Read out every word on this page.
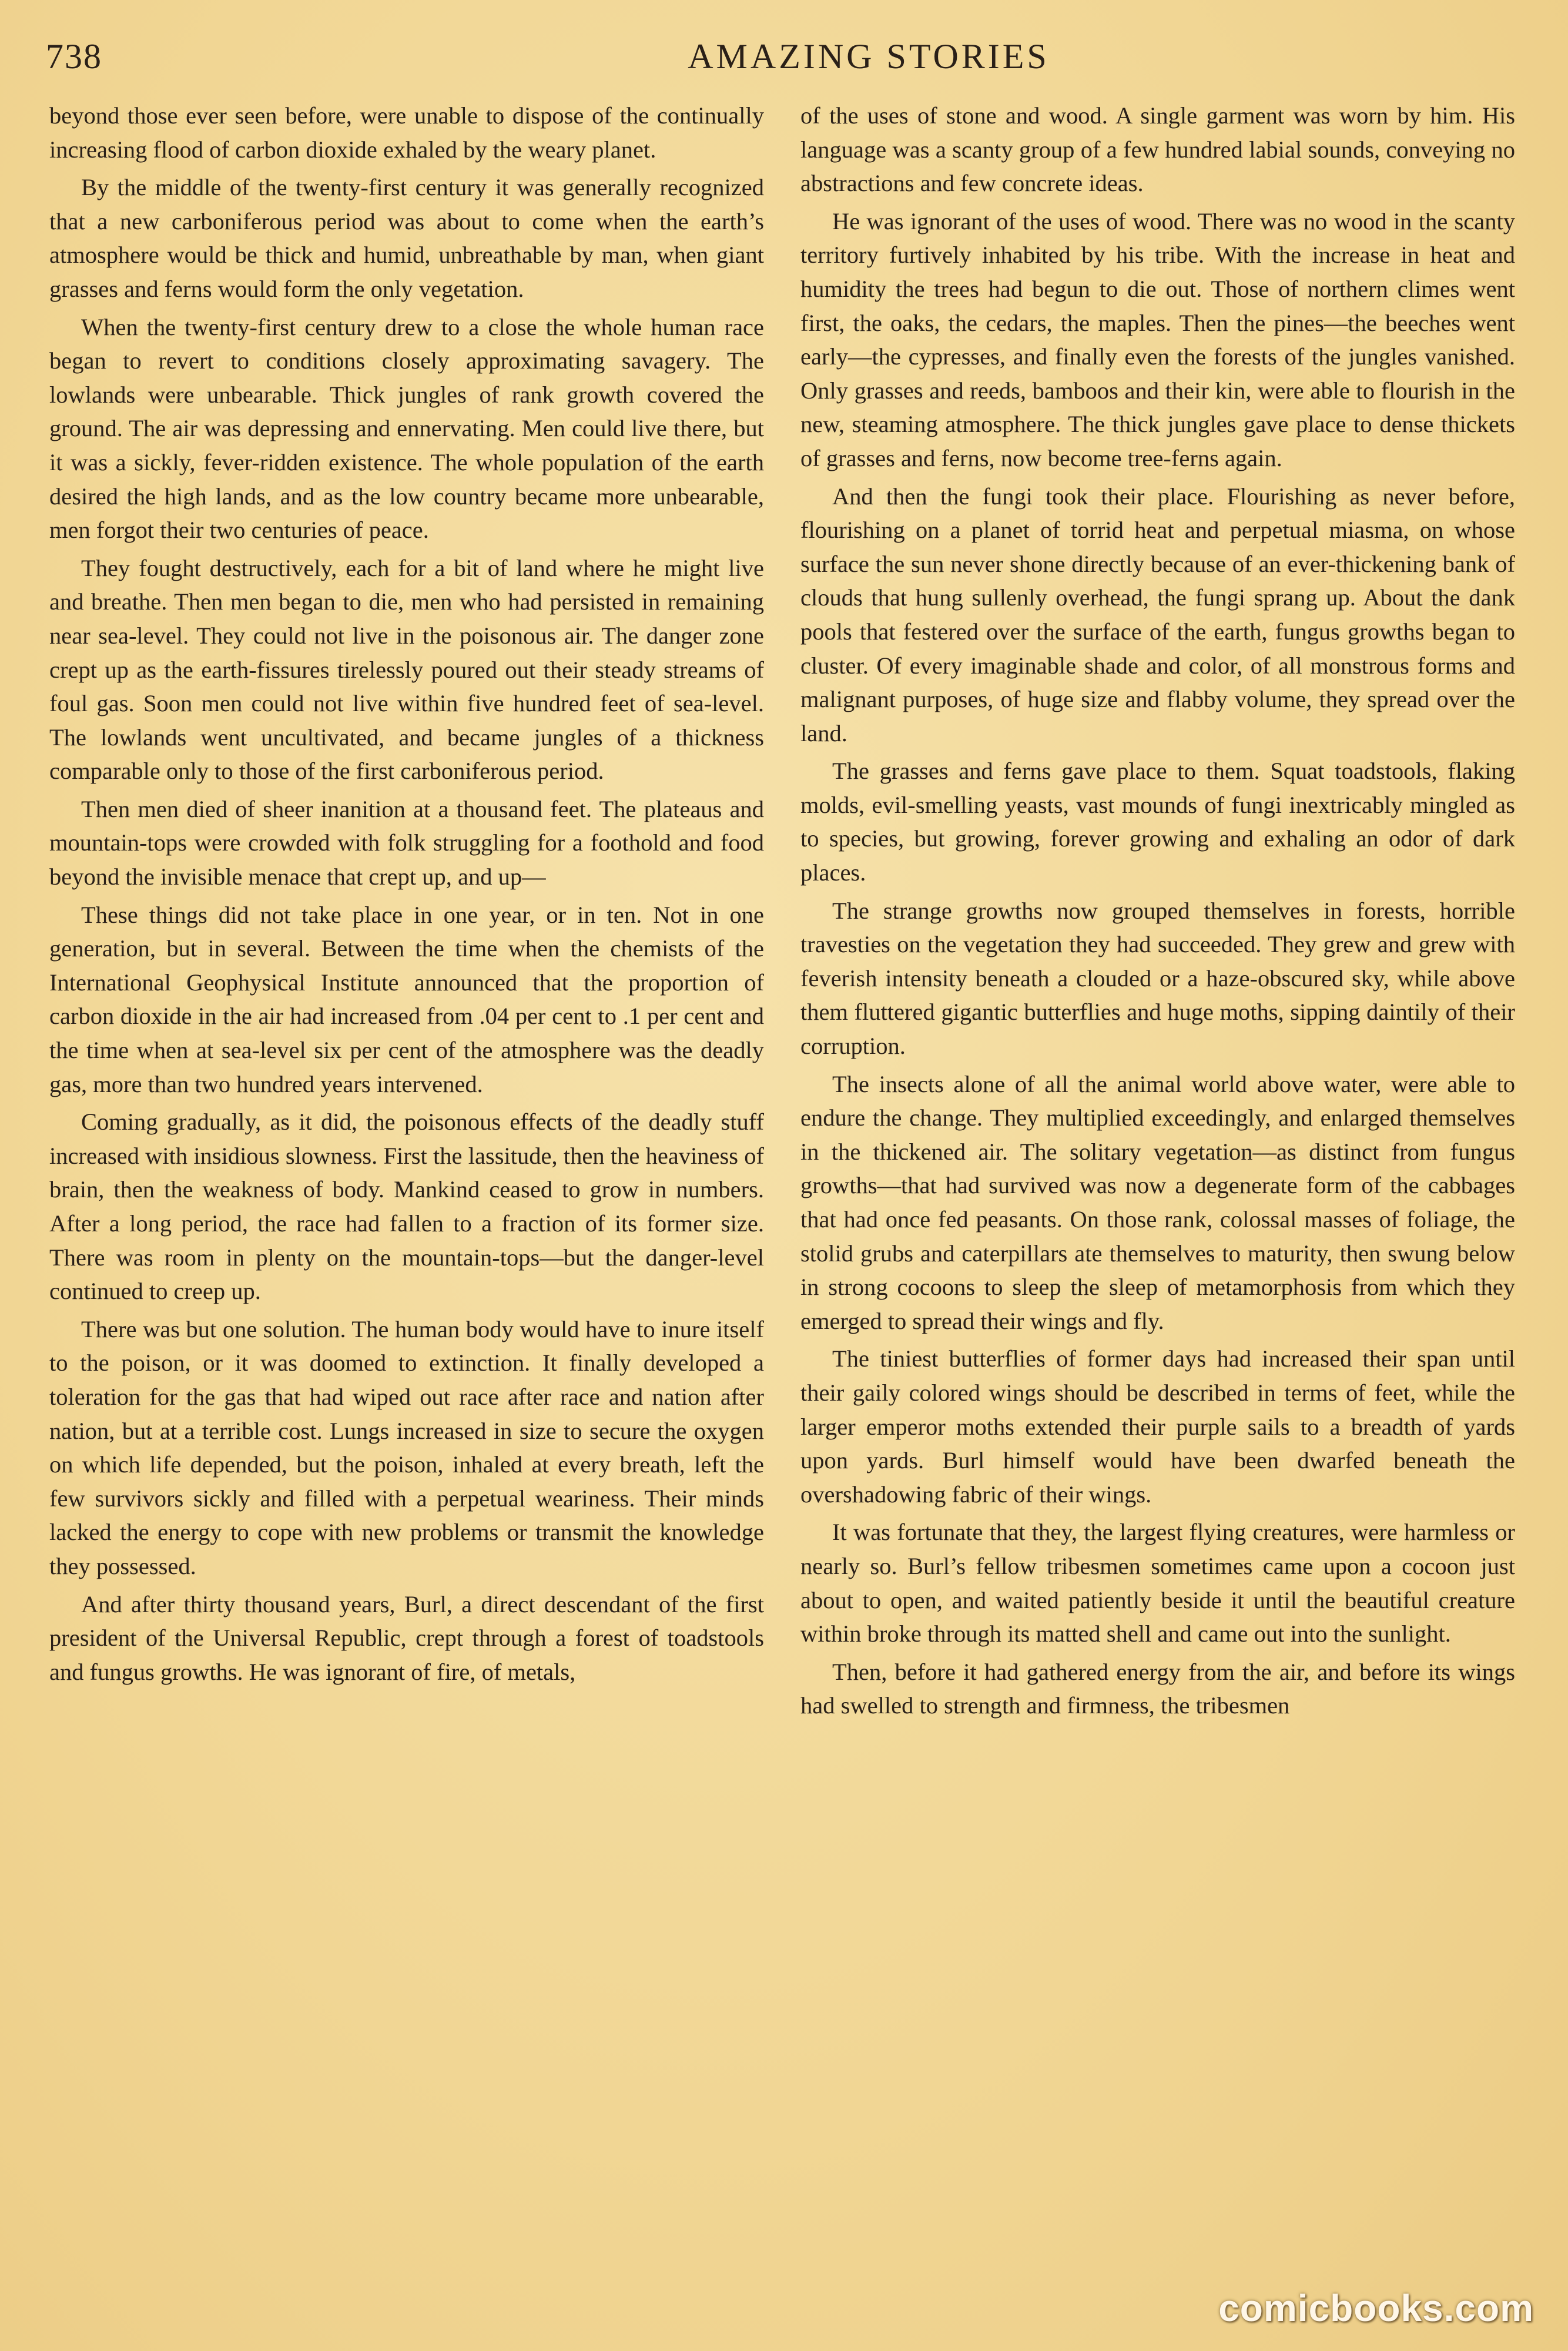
738	AMAZING STORIES

beyond those ever seen before, were unable to dispose of the continually increasing flood of carbon dioxide exhaled by the weary planet.

By the middle of the twenty-first century it was generally recognized that a new carboniferous period was about to come when the earth’s atmosphere would be thick and humid, unbreathable by man, when giant grasses and ferns would form the only vegetation.

When the twenty-first century drew to a close the whole human race began to revert to conditions closely approximating savagery. The lowlands were unbearable. Thick jungles of rank growth covered the ground. The air was depressing and ennervating. Men could live there, but it was a sickly, fever-ridden existence. The whole population of the earth desired the high lands, and as the low country became more unbearable, men forgot their two centuries of peace.

They fought destructively, each for a bit of land where he might live and breathe. Then men began to die, men who had persisted in remaining near sea-level. They could not live in the poisonous air. The danger zone crept up as the earth-fissures tirelessly poured out their steady streams of foul gas. Soon men could not live within five hundred feet of sea-level. The lowlands went uncultivated, and became jungles of a thickness comparable only to those of the first carboniferous period.

Then men died of sheer inanition at a thousand feet. The plateaus and mountain-tops were crowded with folk struggling for a foothold and food beyond the invisible menace that crept up, and up—

These things did not take place in one year, or in ten. Not in one generation, but in several. Between the time when the chemists of the International Geophysical Institute announced that the proportion of carbon dioxide in the air had increased from .04 per cent to .1 per cent and the time when at sea-level six per cent of the atmosphere was the deadly gas, more than two hundred years intervened.

Coming gradually, as it did, the poisonous effects of the deadly stuff increased with insidious slowness. First the lassitude, then the heaviness of brain, then the weakness of body. Mankind ceased to grow in numbers. After a long period, the race had fallen to a fraction of its former size. There was room in plenty on the mountain-tops—but the danger-level continued to creep up.

There was but one solution. The human body would have to inure itself to the poison, or it was doomed to extinction. It finally developed a toleration for the gas that had wiped out race after race and nation after nation, but at a terrible cost. Lungs increased in size to secure the oxygen on which life depended, but the poison, inhaled at every breath, left the few survivors sickly and filled with a perpetual weariness. Their minds lacked the energy to cope with new problems or transmit the knowledge they possessed.

And after thirty thousand years, Burl, a direct descendant of the first president of the Universal Republic, crept through a forest of toadstools and fungus growths. He was ignorant of fire, of metals,

of the uses of stone and wood. A single garment was worn by him. His language was a scanty group of a few hundred labial sounds, conveying no abstractions and few concrete ideas.

He was ignorant of the uses of wood. There was no wood in the scanty territory furtively inhabited by his tribe. With the increase in heat and humidity the trees had begun to die out. Those of northern climes went first, the oaks, the cedars, the maples. Then the pines—the beeches went early—the cypresses, and finally even the forests of the jungles vanished. Only grasses and reeds, bamboos and their kin, were able to flourish in the new, steaming atmosphere. The thick jungles gave place to dense thickets of grasses and ferns, now become tree-ferns again.

And then the fungi took their place. Flourishing as never before, flourishing on a planet of torrid heat and perpetual miasma, on whose surface the sun never shone directly because of an ever-thickening bank of clouds that hung sullenly overhead, the fungi sprang up. About the dank pools that festered over the surface of the earth, fungus growths began to cluster. Of every imaginable shade and color, of all monstrous forms and malignant purposes, of huge size and flabby volume, they spread over the land.

The grasses and ferns gave place to them. Squat toadstools, flaking molds, evil-smelling yeasts, vast mounds of fungi inextricably mingled as to species, but growing, forever growing and exhaling an odor of dark places.

The strange growths now grouped themselves in forests, horrible travesties on the vegetation they had succeeded. They grew and grew with feverish intensity beneath a clouded or a haze-obscured sky, while above them fluttered gigantic butterflies and huge moths, sipping daintily of their corruption.

The insects alone of all the animal world above water, were able to endure the change. They multiplied exceedingly, and enlarged themselves in the thickened air. The solitary vegetation—as distinct from fungus growths—that had survived was now a degenerate form of the cabbages that had once fed peasants. On those rank, colossal masses of foliage, the stolid grubs and caterpillars ate themselves to maturity, then swung below in strong cocoons to sleep the sleep of metamorphosis from which they emerged to spread their wings and fly.

The tiniest butterflies of former days had increased their span until their gaily colored wings should be described in terms of feet, while the larger emperor moths extended their purple sails to a breadth of yards upon yards. Burl himself would have been dwarfed beneath the overshadowing fabric of their wings.

It was fortunate that they, the largest flying creatures, were harmless or nearly so. Burl’s fellow tribesmen sometimes came upon a cocoon just about to open, and waited patiently beside it until the beautiful creature within broke through its matted shell and came out into the sunlight.

Then, before it had gathered energy from the air, and before its wings had swelled to strength and firmness, the tribesmen

comicbooks.com
